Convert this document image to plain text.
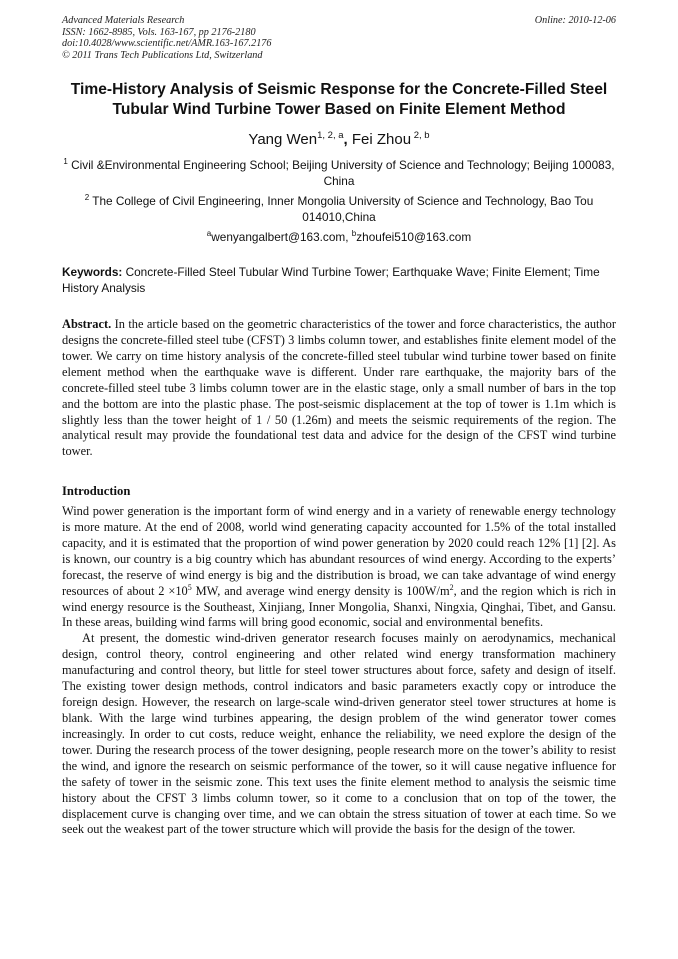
Advanced Materials Research
ISSN: 1662-8985, Vols. 163-167, pp 2176-2180
doi:10.4028/www.scientific.net/AMR.163-167.2176
© 2011 Trans Tech Publications Ltd, Switzerland
Online: 2010-12-06
Time-History Analysis of Seismic Response for the Concrete-Filled Steel
Tubular Wind Turbine Tower Based on Finite Element Method
Yang Wen$^{1, 2, a}$, Fei Zhou $^{2, b}$
$^1$ Civil &Environmental Engineering School; Beijing University of Science and Technology; Beijing 100083, China
$^2$ The College of Civil Engineering, Inner Mongolia University of Science and Technology, Bao Tou 014010,China
$^a$wenyangalbert@163.com, $^b$zhoufei510@163.com
Keywords: Concrete-Filled Steel Tubular Wind Turbine Tower; Earthquake Wave; Finite Element; Time History Analysis
Abstract. In the article based on the geometric characteristics of the tower and force characteristics, the author designs the concrete-filled steel tube (CFST) 3 limbs column tower, and establishes finite element model of the tower. We carry on time history analysis of the concrete-filled steel tubular wind turbine tower based on finite element method when the earthquake wave is different. Under rare earthquake, the majority bars of the concrete-filled steel tube 3 limbs column tower are in the elastic stage, only a small number of bars in the top and the bottom are into the plastic phase. The post-seismic displacement at the top of tower is 1.1m which is slightly less than the tower height of 1 / 50 (1.26m) and meets the seismic requirements of the region. The analytical result may provide the foundational test data and advice for the design of the CFST wind turbine tower.
Introduction

Wind power generation is the important form of wind energy and in a variety of renewable energy technology is more mature. At the end of 2008, world wind generating capacity accounted for 1.5% of the total installed capacity, and it is estimated that the proportion of wind power generation by 2020 could reach 12% [1] [2]. As is known, our country is a big country which has abundant resources of wind energy. According to the experts’ forecast, the reserve of wind energy is big and the distribution is broad, we can take advantage of wind energy resources of about $2 \times 10^5$ MW, and average wind energy density is $100W/m^2$, and the region which is rich in wind energy resource is the Southeast, Xinjiang, Inner Mongolia, Shanxi, Ningxia, Qinghai, Tibet, and Gansu. In these areas, building wind farms will bring good economic, social and environmental benefits.

At present, the domestic wind-driven generator research focuses mainly on aerodynamics, mechanical design, control theory, control engineering and other related wind energy transformation machinery manufacturing and control theory, but little for steel tower structures about force, safety and design of itself. The existing tower design methods, control indicators and basic parameters exactly copy or introduce the foreign design. However, the research on large-scale wind-driven generator steel tower structures at home is blank. With the large wind turbines appearing, the design problem of the wind generator tower comes increasingly. In order to cut costs, reduce weight, enhance the reliability, we need explore the design of the tower. During the research process of the tower designing, people research more on the tower’s ability to resist the wind, and ignore the research on seismic performance of the tower, so it will cause negative influence for the safety of tower in the seismic zone. This text uses the finite element method to analysis the seismic time history about the CFST 3 limbs column tower, so it come to a conclusion that on top of the tower, the displacement curve is changing over time, and we can obtain the stress situation of tower at each time. So we seek out the weakest part of the tower structure which will provide the basis for the design of the tower.
